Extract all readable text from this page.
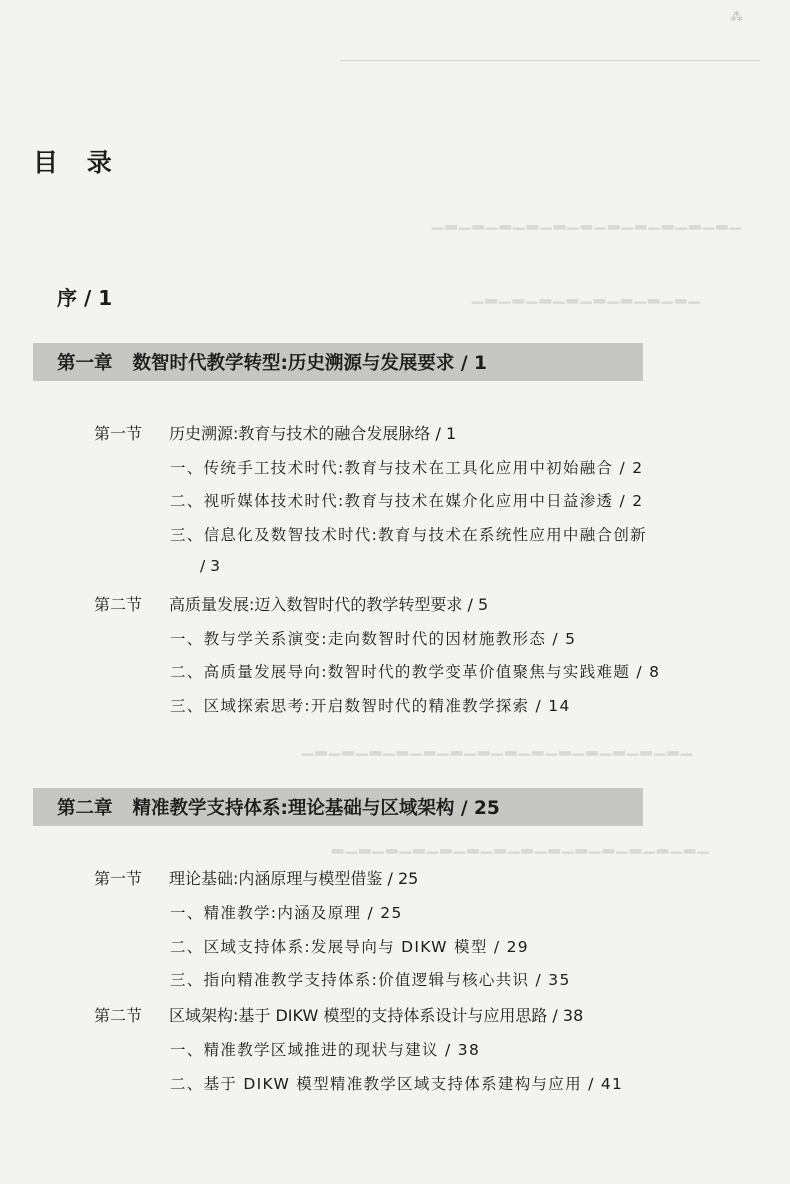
⁂
▁▂▁▂▁▂▁▂▁▂▁▂▁▂▁▂▁▂▁▂▁▂▁
▁▂▁▂▁▂▁▂▁▂▁▂▁▂▁▂▁
▁▂▁▂▁▂▁▂▁▂▁▂▁▂▁▂▁▂▁▂▁▂▁▂▁▂▁▂▁
▁▂▁▂▁▂▁▂▁▂▁▂▁▂▁▂▁▂▁▂▁▂▁▂▁▂▁▂
目 录
序 / 1
第一章 数智时代教学转型:历史溯源与发展要求 / 1
第一节 历史溯源:教育与技术的融合发展脉络 / 1
一、传统手工技术时代:教育与技术在工具化应用中初始融合 / 2
二、视听媒体技术时代:教育与技术在媒介化应用中日益渗透 / 2
三、信息化及数智技术时代:教育与技术在系统性应用中融合创新
/ 3
第二节 高质量发展:迈入数智时代的教学转型要求 / 5
一、教与学关系演变:走向数智时代的因材施教形态 / 5
二、高质量发展导向:数智时代的教学变革价值聚焦与实践难题 / 8
三、区域探索思考:开启数智时代的精准教学探索 / 14
第二章 精准教学支持体系:理论基础与区域架构 / 25
第一节 理论基础:内涵原理与模型借鉴 / 25
一、精准教学:内涵及原理 / 25
二、区域支持体系:发展导向与 DIKW 模型 / 29
三、指向精准教学支持体系:价值逻辑与核心共识 / 35
第二节 区域架构:基于 DIKW 模型的支持体系设计与应用思路 / 38
一、精准教学区域推进的现状与建议 / 38
二、基于 DIKW 模型精准教学区域支持体系建构与应用 / 41
